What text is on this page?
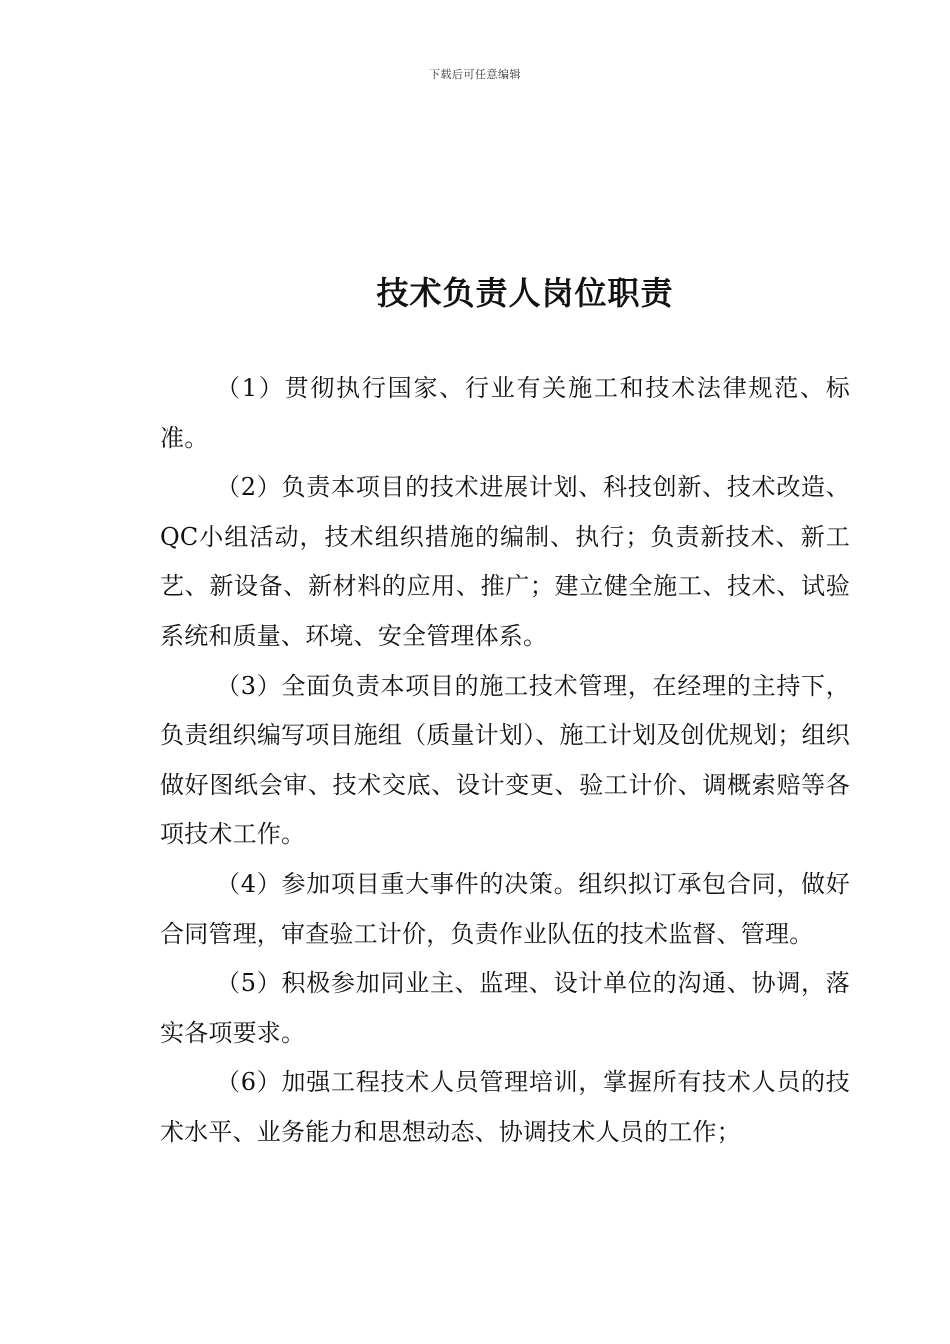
下载后可任意编辑
技术负责人岗位职责

（1）贯彻执行国家、行业有关施工和技术法律规范、标准。

（2）负责本项目的技术进展计划、科技创新、技术改造、QC小组活动，技术组织措施的编制、执行；负责新技术、新工艺、新设备、新材料的应用、推广；建立健全施工、技术、试验系统和质量、环境、安全管理体系。

（3）全面负责本项目的施工技术管理，在经理的主持下，负责组织编写项目施组（质量计划）、施工计划及创优规划；组织做好图纸会审、技术交底、设计变更、验工计价、调概索赔等各项技术工作。

（4）参加项目重大事件的决策。组织拟订承包合同，做好合同管理，审查验工计价，负责作业队伍的技术监督、管理。

（5）积极参加同业主、监理、设计单位的沟通、协调，落实各项要求。

（6）加强工程技术人员管理培训，掌握所有技术人员的技术水平、业务能力和思想动态、协调技术人员的工作；
